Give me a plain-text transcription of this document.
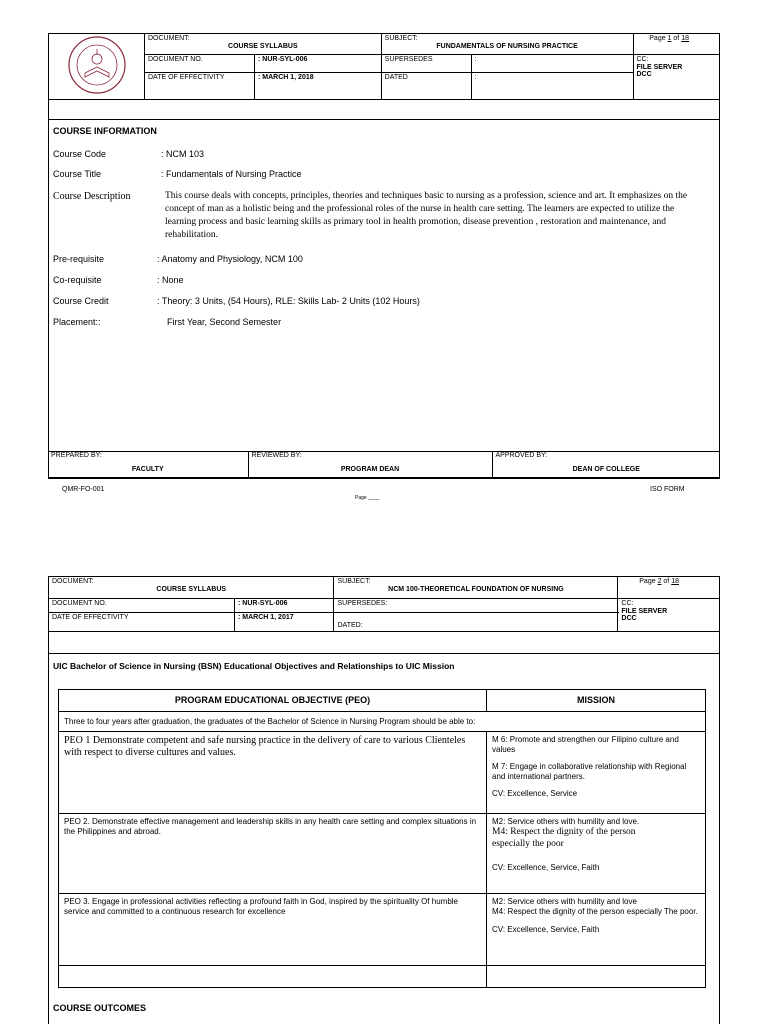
DOCUMENT:
COURSE SYLLABUS		SUBJECT:
FUNDAMENTALS OF NURSING PRACTICE		Page 1 of 18
	DOCUMENT NO.	: NUR-SYL-006	SUPERSEDES	:	CC:
FILE SERVER
DCC

	DATE OF EFFECTIVITY	: MARCH 1, 2018	DATED	:	
COURSE INFORMATION
Course Code	: NCM 103
Course Title	: Fundamentals of Nursing Practice
Course Description	This course deals with concepts, principles, theories and techniques basic to nursing as a profession, science and art. It emphasizes on the concept of man as a holistic being and the professional roles of the nurse in health care setting. The learners are expected to utilize the learning process and basic learning skills as primary tool in health promotion, disease prevention , restoration and maintenance, and rehabilitation.
Pre-requisite	: Anatomy and Physiology, NCM 100
Co-requisite	: None
Course Credit	: Theory: 3 Units, (54 Hours), RLE: Skills Lab- 2 Units (102 Hours)
Placement::	First Year, Second Semester
PREPARED BY:
FACULTY

REVIEWED BY:
PROGRAM DEAN

APPROVED BY:
DEAN OF COLLEGE
QMR-FO-001	ISO FORM
Page ____
DOCUMENT:
COURSE SYLLABUS		SUBJECT:
NCM 100-THEORETICAL FOUNDATION OF NURSING	Page 2 of 18
DOCUMENT NO.	: NUR-SYL-006	SUPERSEDES:	CC:
FILE SERVER
DCC

DATE OF EFFECTIVITY	: MARCH 1, 2017	DATED:	
UIC Bachelor of Science in Nursing (BSN) Educational Objectives and Relationships to UIC Mission
PROGRAM EDUCATIONAL OBJECTIVE (PEO)	MISSION
Three to four years after graduation, the graduates of the Bachelor of Science in Nursing Program should be able to:	
PEO 1 Demonstrate competent and safe nursing practice in the delivery of care to various Clienteles with respect to diverse cultures and values.	M 6: Promote and strengthen our Filipino culture and values
M 7: Engage in collaborative relationship with Regional and international partners.
CV: Excellence, Service

PEO 2. Demonstrate effective management and leadership skills in any health care setting and complex situations in the Philippines and abroad.	M2: Service others with humility and love.
M4: Respect the dignity of the person especially the poor
CV: Excellence, Service, Faith

PEO 3. Engage in professional activities reflecting a profound faith in God, inspired by the spirituality Of humble service and committed to a continuous research for excellence	M2: Service others with humility and love
M4: Respect the dignity of the person especially The poor.
CV: Excellence, Service, Faith

COURSE OUTCOMES
